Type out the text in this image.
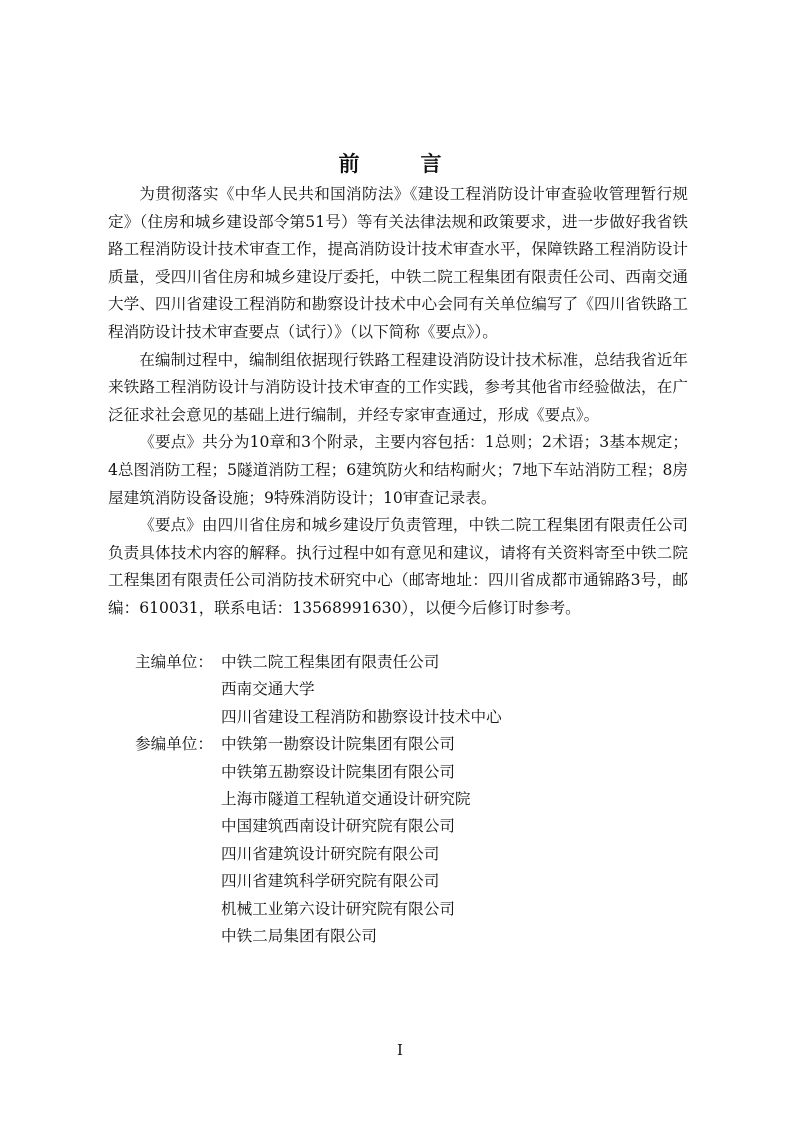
前　言

为贯彻落实《中华人民共和国消防法》《建设工程消防设计审查验收管理暂行规定》（住房和城乡建设部令第51号）等有关法律法规和政策要求，进一步做好我省铁路工程消防设计技术审查工作，提高消防设计技术审查水平，保障铁路工程消防设计质量，受四川省住房和城乡建设厅委托，中铁二院工程集团有限责任公司、西南交通大学、四川省建设工程消防和勘察设计技术中心会同有关单位编写了《四川省铁路工程消防设计技术审查要点（试行）》（以下简称《要点》）。

在编制过程中，编制组依据现行铁路工程建设消防设计技术标准，总结我省近年来铁路工程消防设计与消防设计技术审查的工作实践，参考其他省市经验做法，在广泛征求社会意见的基础上进行编制，并经专家审查通过，形成《要点》。

《要点》共分为10章和3个附录，主要内容包括：1总则；2术语；3基本规定；4总图消防工程；5隧道消防工程；6建筑防火和结构耐火；7地下车站消防工程；8房屋建筑消防设备设施；9特殊消防设计；10审查记录表。

《要点》由四川省住房和城乡建设厅负责管理，中铁二院工程集团有限责任公司负责具体技术内容的解释。执行过程中如有意见和建议，请将有关资料寄至中铁二院工程集团有限责任公司消防技术研究中心（邮寄地址：四川省成都市通锦路3号，邮编：610031，联系电话：13568991630），以便今后修订时参考。

主编单位： 中铁二院工程集团有限责任公司
西南交通大学
四川省建设工程消防和勘察设计技术中心
参编单位： 中铁第一勘察设计院集团有限公司
中铁第五勘察设计院集团有限公司
上海市隧道工程轨道交通设计研究院
中国建筑西南设计研究院有限公司
四川省建筑设计研究院有限公司
四川省建筑科学研究院有限公司
机械工业第六设计研究院有限公司
中铁二局集团有限公司
I
